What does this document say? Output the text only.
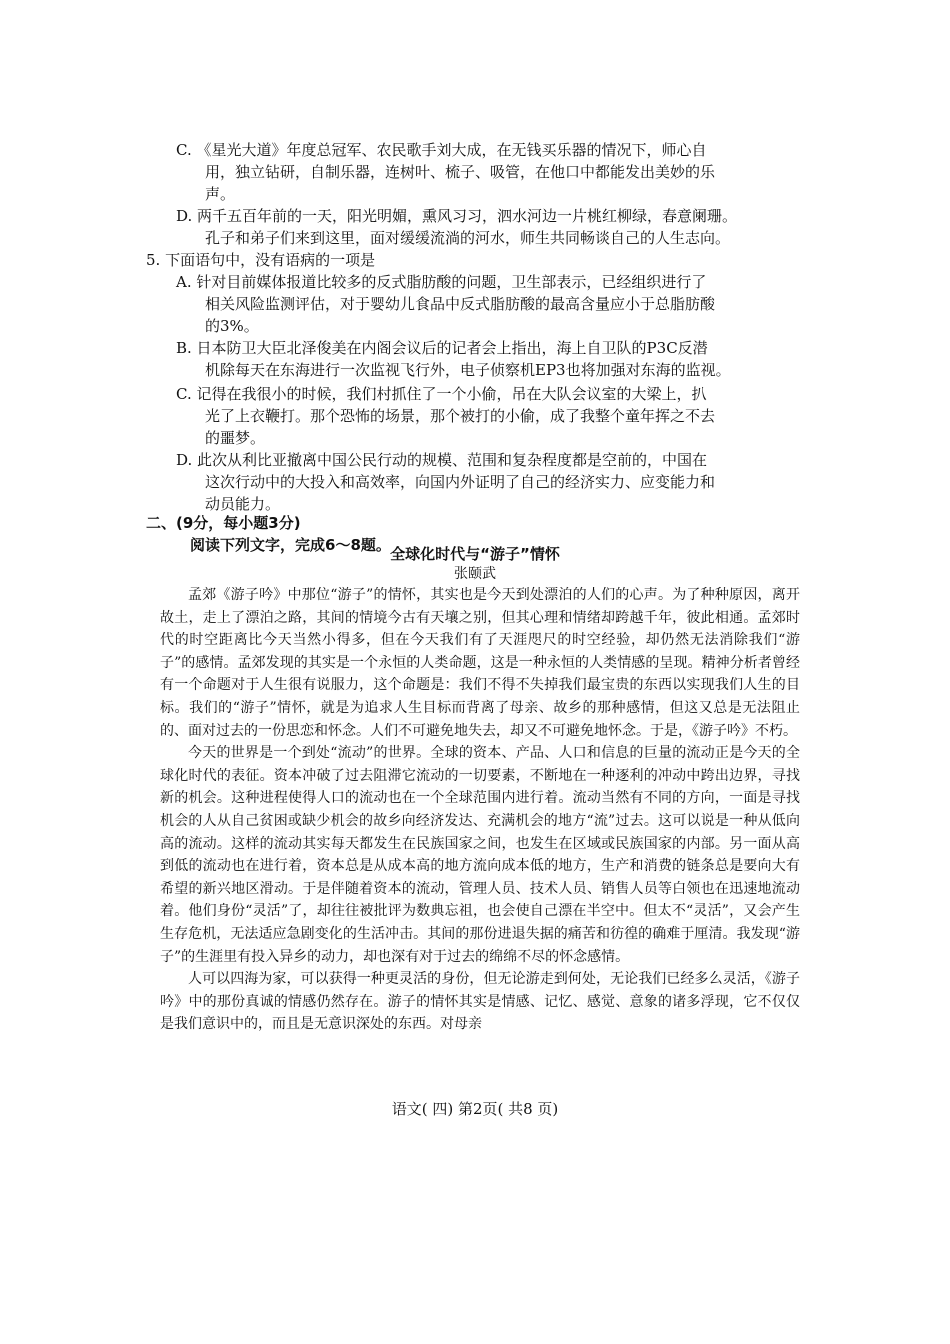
C. 《星光大道》年度总冠军、农民歌手刘大成，在无钱买乐器的情况下，师心自
用，独立钻研，自制乐器，连树叶、梳子、吸管，在他口中都能发出美妙的乐
声。
D. 两千五百年前的一天，阳光明媚，熏风习习，泗水河边一片桃红柳绿，春意阑珊。
孔子和弟子们来到这里，面对缓缓流淌的河水，师生共同畅谈自己的人生志向。
5. 下面语句中，没有语病的一项是
A. 针对目前媒体报道比较多的反式脂肪酸的问题，卫生部表示，已经组织进行了
相关风险监测评估，对于婴幼儿食品中反式脂肪酸的最高含量应小于总脂肪酸
的3%。
B. 日本防卫大臣北泽俊美在内阁会议后的记者会上指出，海上自卫队的P3C反潜
机除每天在东海进行一次监视飞行外，电子侦察机EP3也将加强对东海的监视。
C. 记得在我很小的时候，我们村抓住了一个小偷，吊在大队会议室的大梁上，扒
光了上衣鞭打。那个恐怖的场景，那个被打的小偷，成了我整个童年挥之不去
的噩梦。
D. 此次从利比亚撤离中国公民行动的规模、范围和复杂程度都是空前的，中国在
这次行动中的大投入和高效率，向国内外证明了自己的经济实力、应变能力和
动员能力。
二、(9分，每小题3分)
阅读下列文字，完成6～8题。 全球化时代与“游子”情怀
张颐武

孟郊《游子吟》中那位“游子”的情怀，其实也是今天到处漂泊的人们的心声。为了种种原因，离开故土，走上了漂泊之路，其间的情境今古有天壤之别，但其心理和情绪却跨越千年，彼此相通。孟郊时代的时空距离比今天当然小得多，但在今天我们有了天涯咫尺的时空经验，却仍然无法消除我们“游子”的感情。孟郊发现的其实是一个永恒的人类命题，这是一种永恒的人类情感的呈现。精神分析者曾经有一个命题对于人生很有说服力，这个命题是：我们不得不失掉我们最宝贵的东西以实现我们人生的目标。我们的“游子”情怀，就是为追求人生目标而背离了母亲、故乡的那种感情，但这又总是无法阻止的、面对过去的一份思恋和怀念。人们不可避免地失去，却又不可避免地怀念。于是，《游子吟》不朽。

今天的世界是一个到处“流动”的世界。全球的资本、产品、人口和信息的巨量的流动正是今天的全球化时代的表征。资本冲破了过去阻滞它流动的一切要素，不断地在一种逐利的冲动中跨出边界，寻找新的机会。这种进程使得人口的流动也在一个全球范围内进行着。流动当然有不同的方向，一面是寻找机会的人从自己贫困或缺少机会的故乡向经济发达、充满机会的地方“流”过去。这可以说是一种从低向高的流动。这样的流动其实每天都发生在民族国家之间，也发生在区域或民族国家的内部。另一面从高到低的流动也在进行着，资本总是从成本高的地方流向成本低的地方，生产和消费的链条总是要向大有希望的新兴地区滑动。于是伴随着资本的流动，管理人员、技术人员、销售人员等白领也在迅速地流动着。他们身份“灵活”了，却往往被批评为数典忘祖，也会使自己漂在半空中。但太不“灵活”，又会产生生存危机，无法适应急剧变化的生活冲击。其间的那份进退失据的痛苦和彷徨的确难于厘清。我发现“游子”的生涯里有投入异乡的动力，却也深有对于过去的绵绵不尽的怀念感情。

人可以四海为家，可以获得一种更灵活的身份，但无论游走到何处，无论我们已经多么灵活，《游子吟》中的那份真诚的情感仍然存在。游子的情怀其实是情感、记忆、感觉、意象的诸多浮现，它不仅仅是我们意识中的，而且是无意识深处的东西。对母亲

语文( 四) 第2页( 共8 页)
